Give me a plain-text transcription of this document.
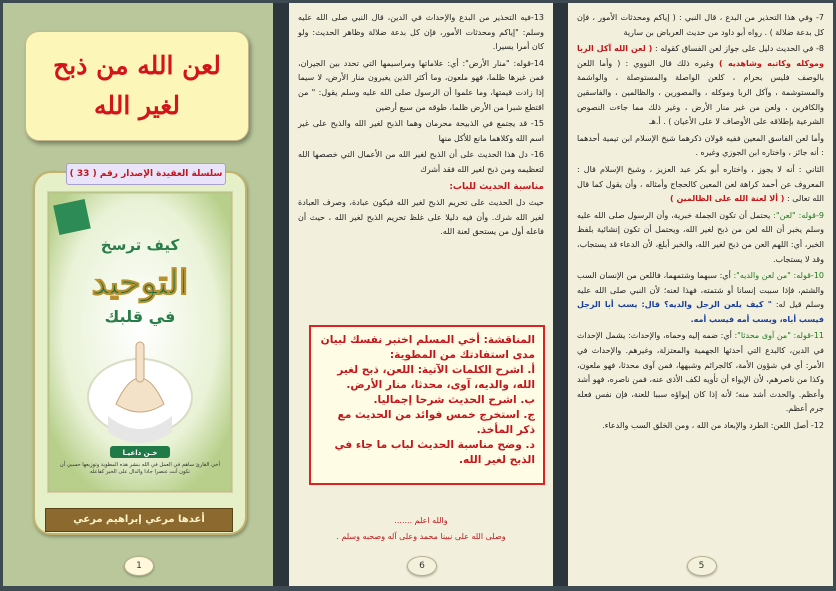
لعن الله من ذبح
لغير الله
كيف ترسخ
التوحيد
في قلبك
خـن داعيـا
أخي القارئ ساهم في العمل في الله بنشر هذه المطوية وتوزيعها حسبي أن تكون أنت عنصرا جادا والدال على الخير كفاعله
سلسلة العقيدة الإصدار رقم ( 33 )
أعدها مرعي إبراهيم مرعي
1

13-فيه التحذير من البدع والإحداث في الدين، قال النبي صلى الله عليه وسلم: "إياكم ومحدثات الأمور، فإن كل بدعة ضلالة وظاهر الحديث: ولو كان أمرا يسيرا.

14-قوله: "منار الأرض": أي: علاماتها ومراسيمها التي تحدد بين الجيران، فمن غيرها ظلما، فهو ملعون، وما أكثر الذين يغيرون منار الأرض، لا سيما إذا زادت قيمتها، وما علموا أن الرسول صلى الله عليه وسلم يقول: " من اقتطع شبرا من الأرض ظلما، طوقه من سبع أرضين

15- قد يجتمع في الذبيحة محرمان وهما الذبح لغير الله والذبح على غير اسم الله وكلاهما مانع للأكل منها

16- دل هذا الحديث على أن الذبح لغير الله من الأعمال التي خصصها الله لتعظيمه ومن ذبح لغير الله فقد أشرك

مناسبة الحديث للباب:

حيث دل الحديث على تحريم الذبح لغير الله فيكون عبادة، وصرف العبادة لغير الله شرك. وأن فيه دليلا على غلظ تحريم الذبح لغير الله ، حيث أن فاعله أول من يستحق لعنة الله.

المناقشة: أخي المسلم اختبر نفسك لبيان مدى استفادتك من المطوية:

أ. اشرح الكلمات الآتية: اللعن، ذبح لغير الله، والديه، آوى، محدثا، منار الأرض.

ب. اشرح الحديث شرحا إجماليا.

ج. استخرج خمس فوائد من الحديث مع ذكر المأخذ.

د. وضح مناسبة الحديث لباب ما جاء في الذبح لغير الله.

والله اعلم .......
وصلى الله على نبينا محمد وعلى آله وصحبه وسلم .
6

7- وفي هذا التحذير من البدع ، قال النبي : ( إياكم ومحدثات الأمور ، فإن كل بدعة ضلالة ) . رواه أبو داود من حديث العرباض بن سارية

8- في الحديث دليل على جواز لعن الفساق كقوله : ( لعن الله آكل الربا وموكله وكاتبه وشاهديه ) وغيره ذلك قال النووي : ( وأما اللعن بالوصف فليس بحرام ، كلعن الواصلة والمستوصلة ، والواشمة والمستوشمة ، وآكل الربا وموكله ، والمصورين ، والظالمين ، والفاسقين والكافرين ، ولعن من غير منار الأرض ، وغير ذلك مما جاءت النصوص الشرعية بإطلاقه على الأوصاف لا على الأعيان ) . أ.هـ

وأما لعن الفاسق المعين ففيه قولان ذكرهما شيخ الإسلام ابن تيمية أحدهما : أنه جائز ، واختاره ابن الجوزي وغيره .

الثاني : أنه لا يجوز ، واختاره أبو بكر عبد العزيز ، وشيخ الإسلام قال : المعروف عن أحمد كراهة لعن المعين كالحجاج وأمثاله ، وأن يقول كما قال الله تعالى : ( ألا لعنة الله على الظالمين )

9-قوله: "لعن": يحتمل أن تكون الجملة خبرية، وأن الرسول صلى الله عليه وسلم يخبر أن الله لعن من ذبح لغير الله، ويحتمل أن تكون إنشائية بلفظ الخبر، أي: اللهم العن من ذبح لغير الله، والخبر أبلغ، لأن الدعاء قد يستجاب، وقد لا يستجاب.

10-قوله: "من لعن والديه": أي: سبهما وشتمهما، فاللعن من الإنسان السب والشتم، فإذا سببت إنسانا أو شتمته، فهذا لعنه؛ لأن النبي صلى الله عليه وسلم قيل له: " كيف يلعن الرجل والديه؟ قال: يسب أبا الرجل فيسب أباه، ويسب أمه فيسب أمه.

11-قوله: "من آوى محدثا": أي: ضمه إليه وحماه، والإحداث: يشمل الإحداث في الدين، كالبدع التي أحدثها الجهمية والمعتزلة، وغيرهم. والإحداث في الأمر: أي في شؤون الأمة، كالجرائم وشبهها، فمن آوى محدثا، فهو ملعون، وكذا من ناصرهم، لأن الإيواء أن تأويه لكف الأذى عنه، فمن ناصره، فهو أشد وأعظم. والحدث أشد منه؛ لأنه إذا كان إيواؤه سببا للعنة، فإن نفس فعله جرم أعظم.

12- أصل اللعن: الطرد والإبعاد من الله ، ومن الخلق السب والدعاء.

5
